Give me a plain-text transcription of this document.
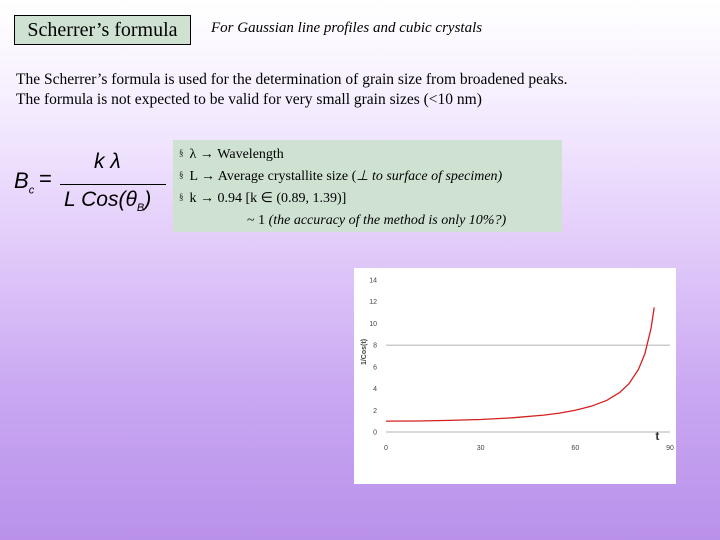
Scherrer’s formula	For Gaussian line profiles and cubic crystals
The Scherrer’s formula is used for the determination of grain size from broadened peaks.
The formula is not expected to be valid for very small grain sizes (<10 nm)
$B_c$ =
k λ
L $Cos(\theta_B)$
§ λ → Wavelength
§ L → Average crystallite size (⊥ to surface of specimen)
§ k → 0.94 [k ∈ (0.89, 1.39)]
~ 1 (the accuracy of the method is only 10%?)
0
2
4
6
8
10
12
14
0	30	60	90
1/Cos(t)
t
